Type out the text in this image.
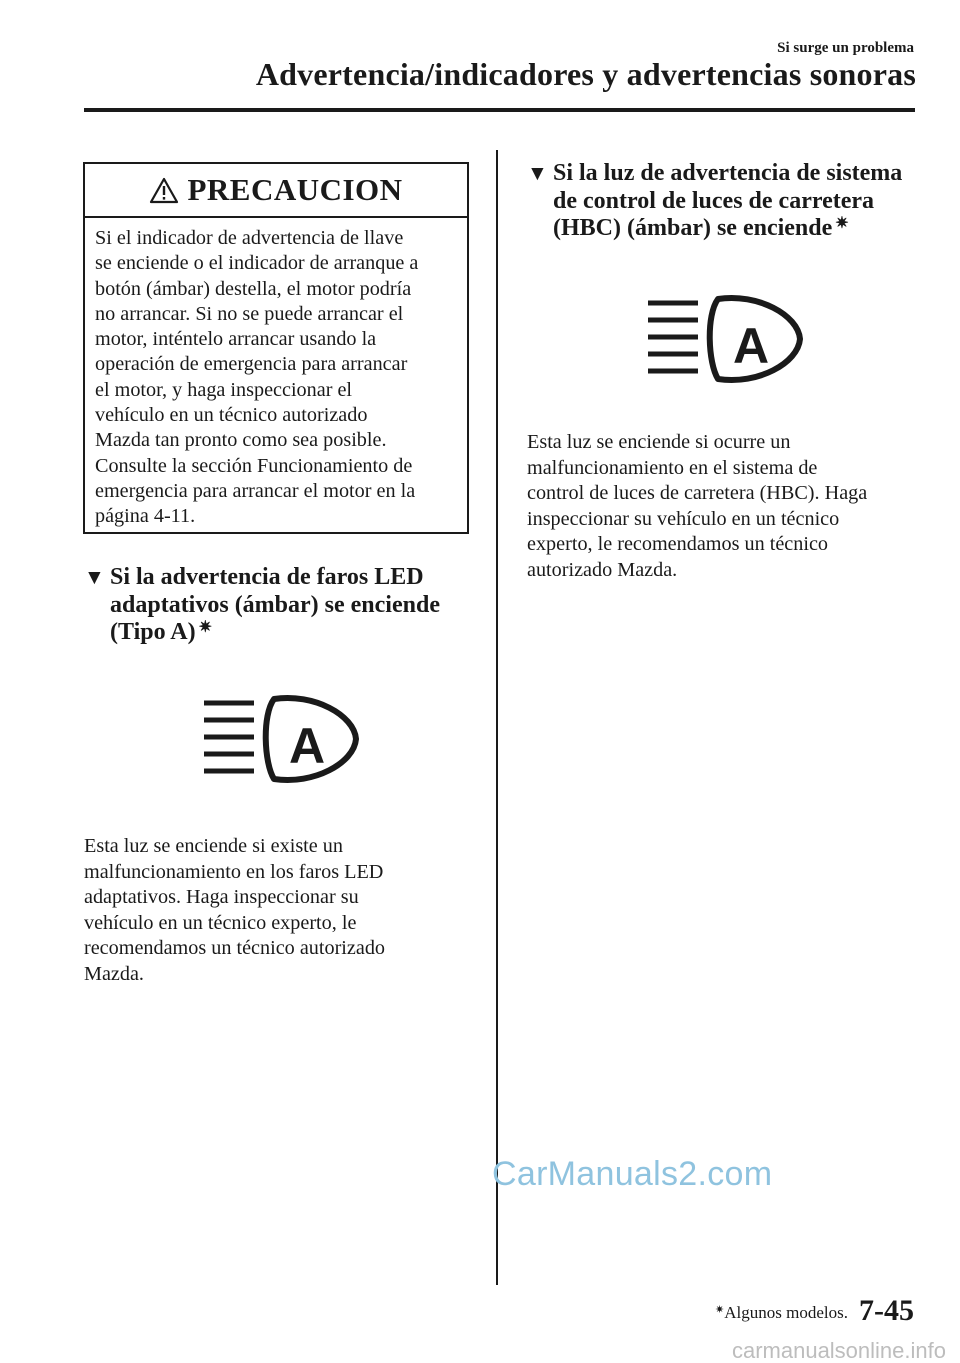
Si surge un problema
Advertencia/indicadores y advertencias sonoras
PRECAUCION
Si el indicador de advertencia de llave
se enciende o el indicador de arranque a
botón (ámbar) destella, el motor podría
no arrancar. Si no se puede arrancar el
motor, inténtelo arrancar usando la
operación de emergencia para arrancar
el motor, y haga inspeccionar el
vehículo en un técnico autorizado
Mazda tan pronto como sea posible.
Consulte la sección Funcionamiento de
emergencia para arrancar el motor en la
página 4-11.
▼ Si la advertencia de faros LED
adaptativos (ámbar) se enciende
(Tipo A) ✷
A
Esta luz se enciende si existe un
malfuncionamiento en los faros LED
adaptativos. Haga inspeccionar su
vehículo en un técnico experto, le
recomendamos un técnico autorizado
Mazda.
▼ Si la luz de advertencia de sistema
de control de luces de carretera
(HBC) (ámbar) se enciende ✷
A
Esta luz se enciende si ocurre un
malfuncionamiento en el sistema de
control de luces de carretera (HBC). Haga
inspeccionar su vehículo en un técnico
experto, le recomendamos un técnico
autorizado Mazda.
CarManuals2.com
✷Algunos modelos. 7-45
carmanualsonline.info
